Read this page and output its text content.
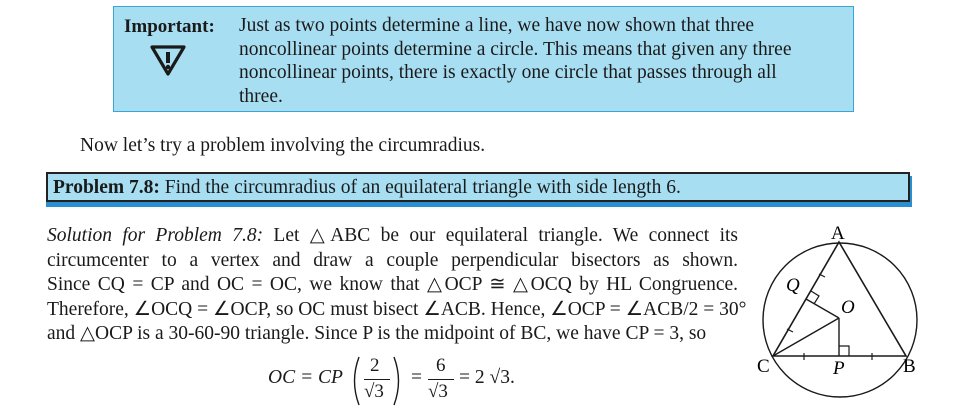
Important: Just as two points determine a line, we have now shown that three
noncollinear points determine a circle. This means that given any three
noncollinear points, there is exactly one circle that passes through all
three.
Now let’s try a problem involving the circumradius.
Problem 7.8: Find the circumradius of an equilateral triangle with side length 6.
Solution for Problem 7.8: Let △ABC be our equilateral triangle. We connect its
circumcenter to a vertex and draw a couple perpendicular bisectors as shown.
Since CQ = CP and OC = OC, we know that △OCP ≅ △OCQ by HL Congruence.
Therefore, ∠OCQ = ∠OCP, so OC must bisect ∠ACB. Hence, ∠OCP = ∠ACB/2 = 30°
and △OCP is a 30-60-90 triangle. Since P is the midpoint of BC, we have CP = 3, so
OC = CP
2
√3
=
6
√3
= 2 √3.
A
B
C
O
P
Q
